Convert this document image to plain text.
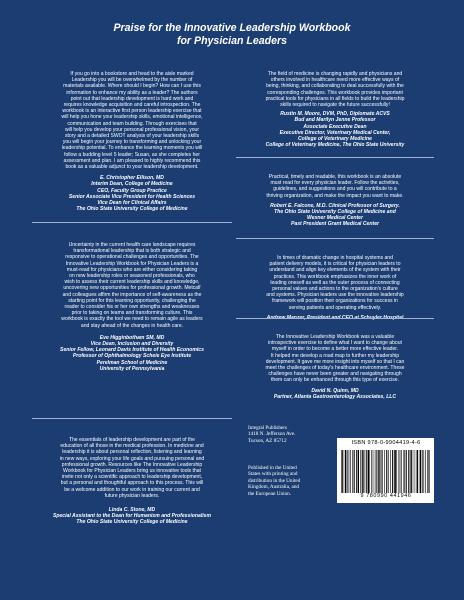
Praise for the Innovative Leadership Workbook
for Physician Leaders
If you go into a bookstore and head to the aisle marked
Leadership you will be overwhelmed by the number of
materials available. Where should I begin? How can I use this
information to enhance my ability as a leader? The authors
point out that leadership development is hard work and
requires knowledge acquisition and careful introspection. The
workbook is an interactive first person leadership exercise that
will help you hone your leadership skills, emotional intelligence,
communication and team building. Through exercises that
will help you develop your personal professional vision, your
story and a detailed SWOT analysis of your leadership skills
you will begin your journey to transforming and unlocking your
leadership potential. To enhance the learning moments you will
follow a budding level 5 leader; Susan, as she completes her
assessment and plan. I am pleased to highly recommend this
book as a valuable adjunct to your leadership development.
E. Christopher Ellison, MD
Interim Dean, College of Medicine
CEO, Faculty Group Practice
Senior Associate Vice President for Health Sciences
Vice Dean for Clinical Affairs
The Ohio State University College of Medicine
Uncertainty in the current health care landscape requires
transformational leadership that is both strategic and
responsive to operational challenges and opportunities. The
Innovative Leadership Workbook for Physician Leaders is a
must-read for physicians who are either considering taking
on new leadership roles or seasoned professionals, who
wish to assess their current leadership skills and knowledge,
uncovering new opportunities for professional growth. Metcalf
and colleagues affirm the importance of self-awareness as the
starting point for this learning opportunity, challenging the
reader to consider his or her own strengths and weaknesses
prior to taking on teams and transforming culture. This
workbook is exactly the tool we need to remain agile as leaders
and stay ahead of the changes in health care.
Eve Higginbotham SM, MD
Vice Dean, Inclusion and Diversity
Senior Fellow, Leonard Davis Institute of Health Economics
Professor of Ophthalmology Scheie Eye Institute
Perelman School of Medicine
University of Pennsylvania
The essentials of leadership development are part of the
education of all those in the medical profession. In medicine and
leadership it is about personal reflection, listening and learning
in new ways, exploring your life goals and pursuing personal and
professional growth. Resources like The Innovative Leadership
Workbook for Physician Leaders bring us innovative tools that
invite not only a scientific approach to leadership development,
but a personal and thoughtful approach to this process. This will
be a welcome addition to our work in training our current and
future physician leaders.
Linda C. Stone, MD
Special Assistant to the Dean for Humanism and Professionalism
The Ohio State University College of Medicine
The field of medicine is changing rapidly and physicians and
others involved in healthcare need more effective ways of
being, thinking, and collaborating to deal successfully with the
corresponding challenges. This workbook provides important
practical tools for physicians in all fields to build the leadership
skills required to navigate the future successfully!
Rustin M. Moore, DVM, PhD, Diplomate ACVS
Bud and Marilyn Jenne Professor
Associate Executive Dean
Executive Director, Veterinary Medical Center,
College of Veterinary Medicine
College of Veterinary Medicine, The Ohio State University
Practical, timely and readable, this workbook is an absolute
must read for every physician leader. Follow the activities,
guidelines, and suggestions and you will contribute to a
thriving organization, and make the impact you want to make.
Robert E. Falcone, M.D. Clinical Professor of Surgery.
The Ohio State University College of Medicine and
Wexner Medical Center
Past President Grant Medical Center
In times of dramatic change in hospital systems and
patient delivery models, it is critical for physician leaders to
understand and align key elements of the system with their
practices. This workbook emphasizes the inner work of
leading oneself as well as the outer process of connecting
personal values and actions to the organization's culture
and systems. Physician leaders use the innovative leadership
framework will position their organizations for success in
serving patients and operating effectively.
Andrew Manzer, President and CEO at Schuyler Hospital
The Innovative Leadership Workbook was a valuable
introspective exercise to define what I want to change about
myself in order to become a better more effective leader.
It helped me develop a road map to further my leadership
development. It gave me more insight into myself so that I can
meet the challenges of today's healthcare environment. These
challenges have never been greater and navigating through
them can only be enhanced through this type of exercise.
David N. Quinn, MD
Partner, Atlanta Gastroenterology Associates, LLC
Integral Publishers
1418 N. Jefferson Ave.
Tucson, AZ 85712
Published in the United
States with printing and
distribution in the United
Kingdom, Australia, and
the European Union.
ISBN 978-0-9904419-4-6
9 780990 441946
